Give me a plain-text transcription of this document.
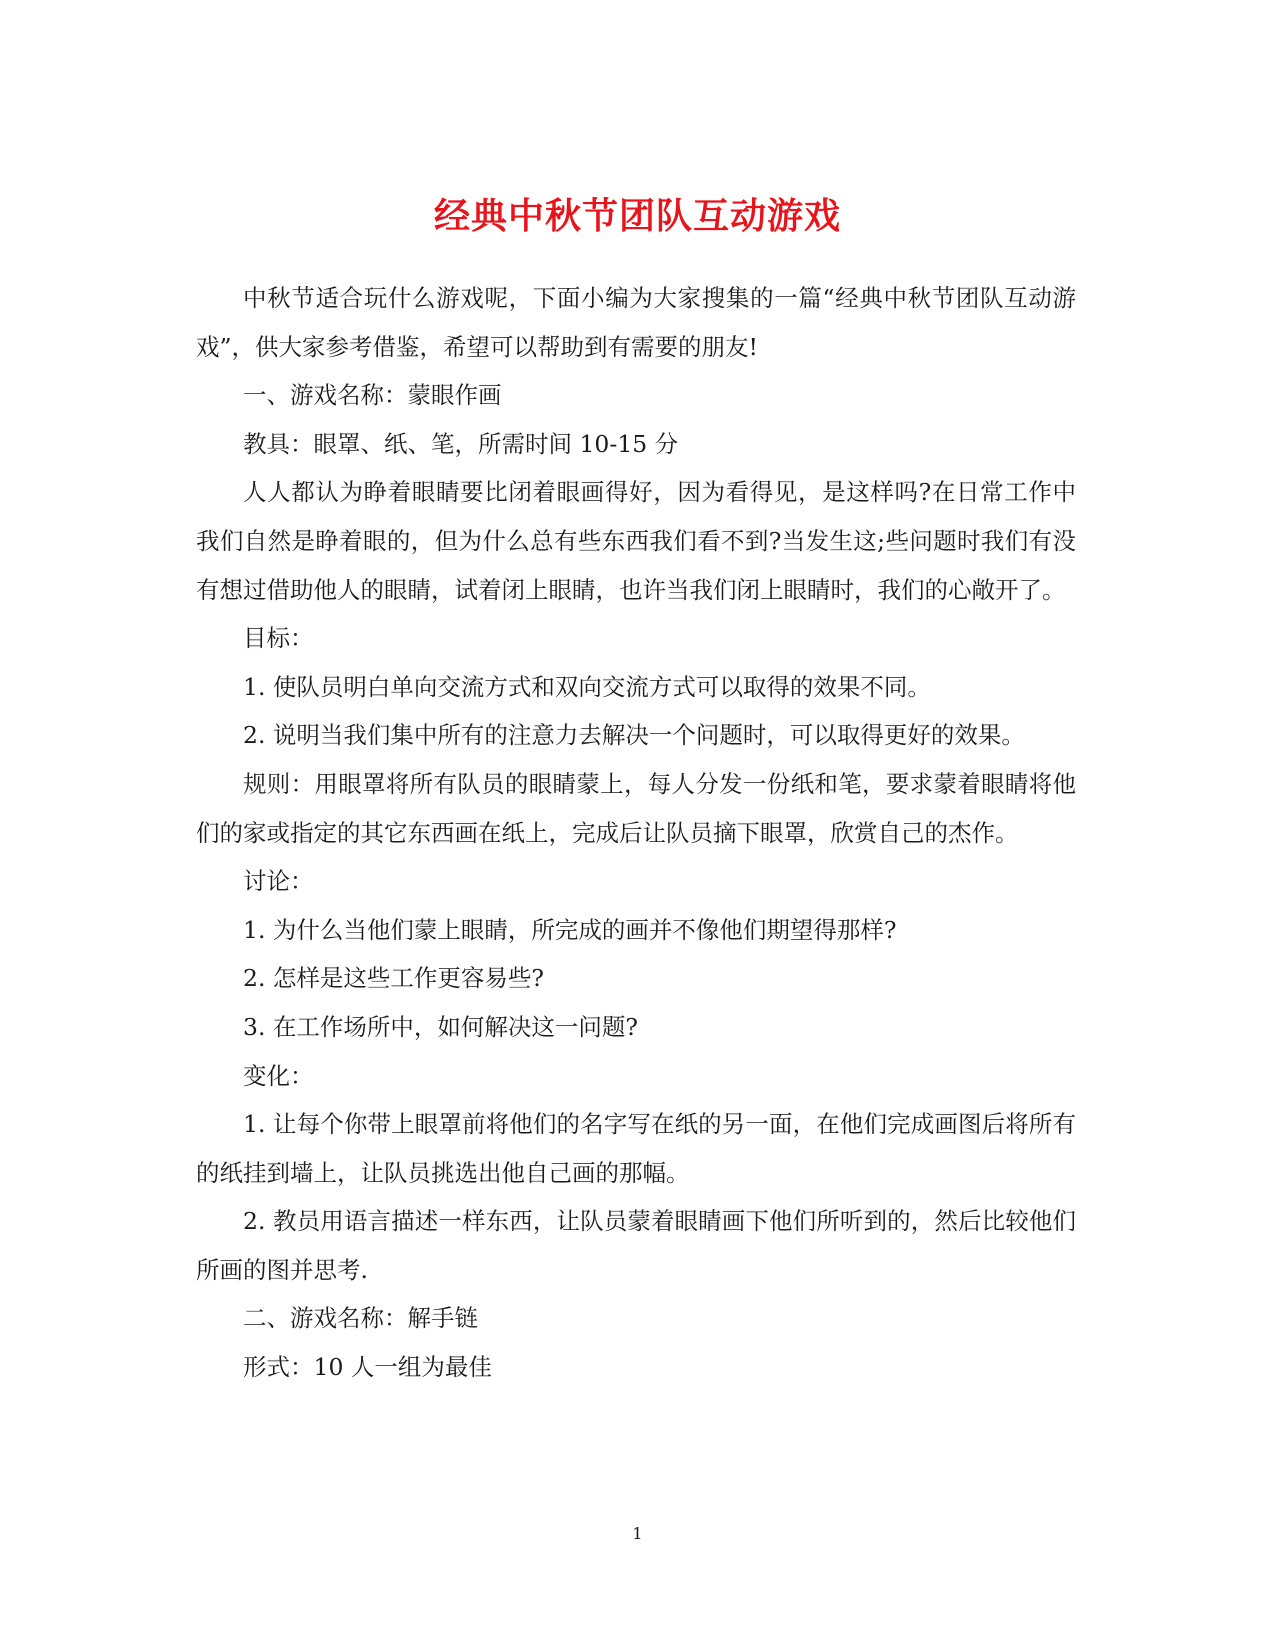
经典中秋节团队互动游戏

中秋节适合玩什么游戏呢，下面小编为大家搜集的一篇“经典中秋节团队互动游戏”，供大家参考借鉴，希望可以帮助到有需要的朋友!

一、游戏名称：蒙眼作画

教具：眼罩、纸、笔，所需时间 10-15 分

人人都认为睁着眼睛要比闭着眼画得好，因为看得见，是这样吗?在日常工作中我们自然是睁着眼的，但为什么总有些东西我们看不到?当发生这;些问题时我们有没有想过借助他人的眼睛，试着闭上眼睛，也许当我们闭上眼睛时，我们的心敞开了。

目标：

1. 使队员明白单向交流方式和双向交流方式可以取得的效果不同。

2. 说明当我们集中所有的注意力去解决一个问题时，可以取得更好的效果。

规则：用眼罩将所有队员的眼睛蒙上，每人分发一份纸和笔，要求蒙着眼睛将他们的家或指定的其它东西画在纸上，完成后让队员摘下眼罩，欣赏自己的杰作。

讨论：

1. 为什么当他们蒙上眼睛，所完成的画并不像他们期望得那样?

2. 怎样是这些工作更容易些?

3. 在工作场所中，如何解决这一问题?

变化：

1. 让每个你带上眼罩前将他们的名字写在纸的另一面，在他们完成画图后将所有的纸挂到墙上，让队员挑选出他自己画的那幅。

2. 教员用语言描述一样东西，让队员蒙着眼睛画下他们所听到的，然后比较他们所画的图并思考.

二、游戏名称：解手链

形式：10 人一组为最佳

1
